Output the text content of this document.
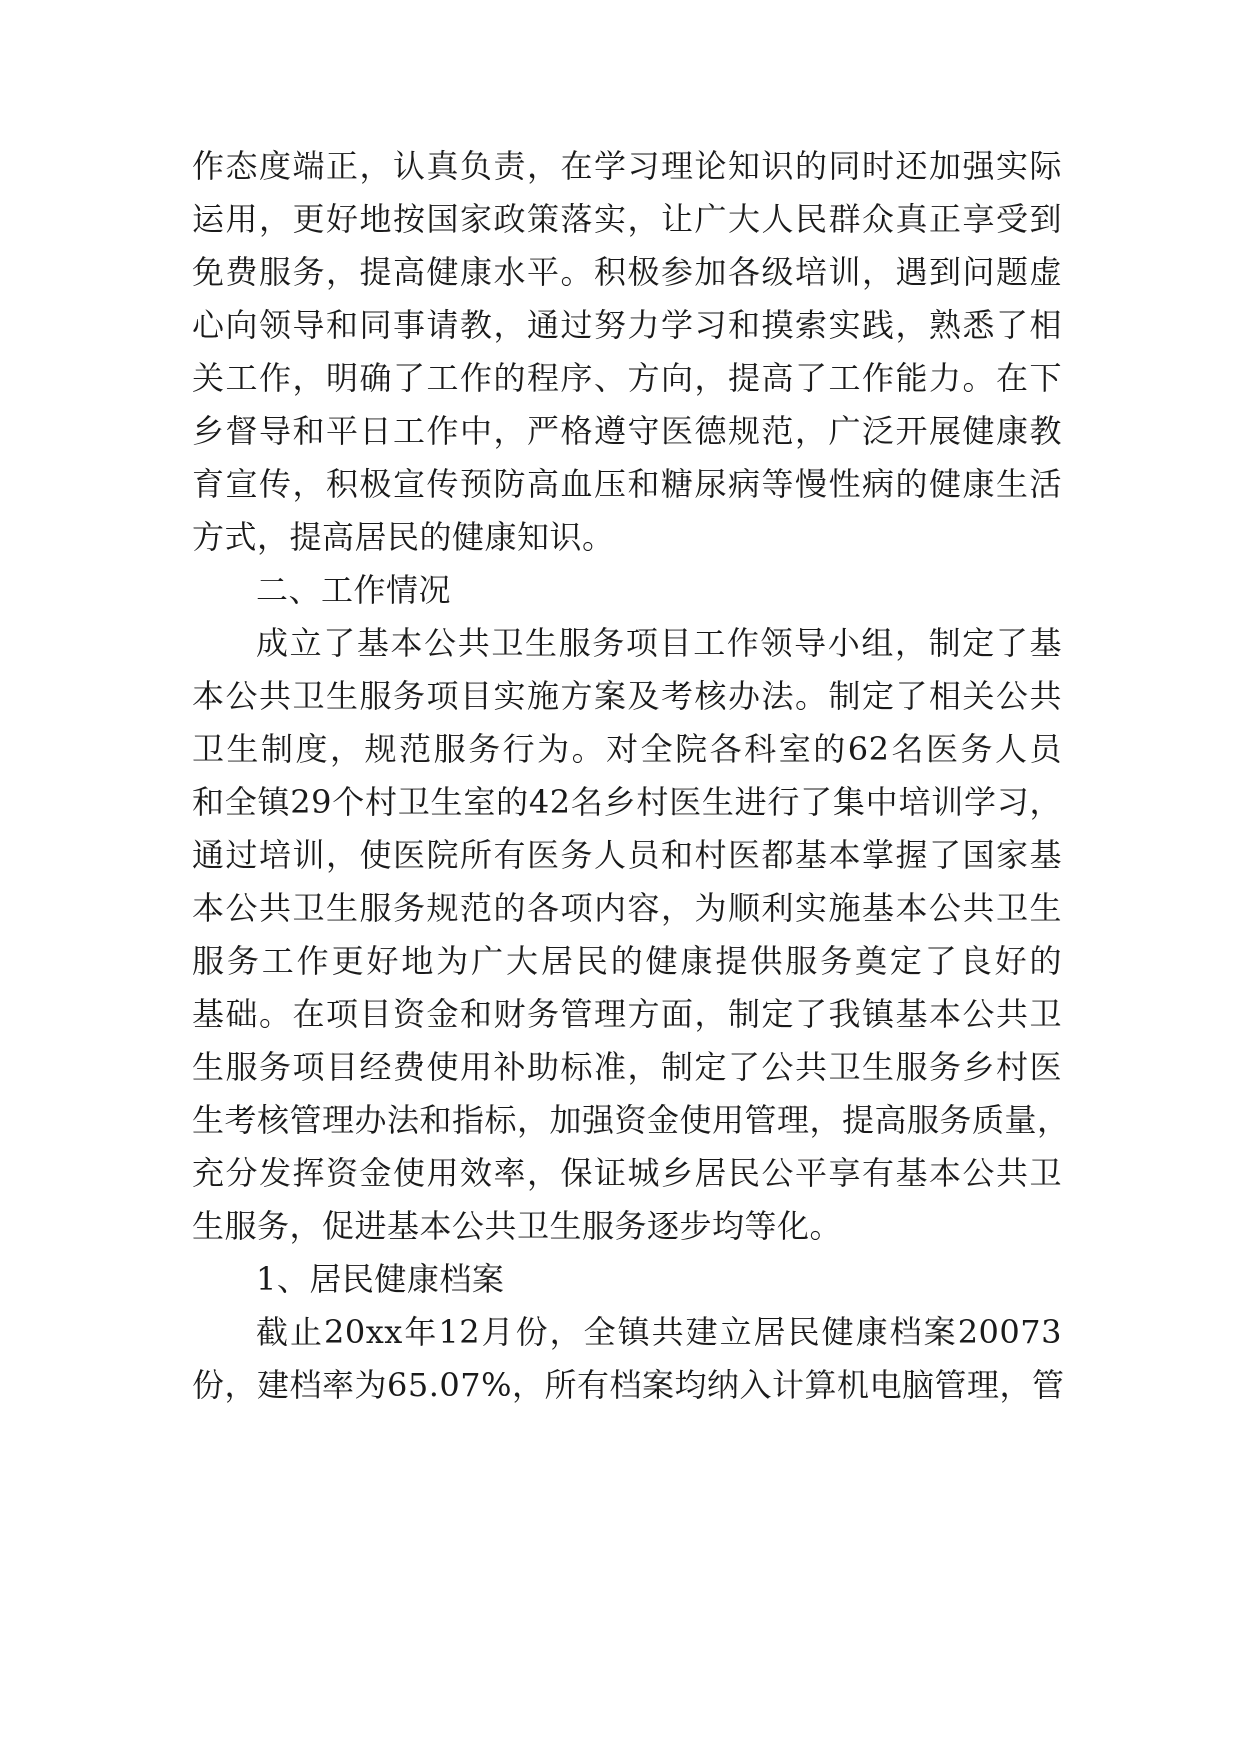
作态度端正，认真负责，在学习理论知识的同时还加强实际
运用，更好地按国家政策落实，让广大人民群众真正享受到
免费服务，提高健康水平。积极参加各级培训，遇到问题虚
心向领导和同事请教，通过努力学习和摸索实践，熟悉了相
关工作，明确了工作的程序、方向，提高了工作能力。在下
乡督导和平日工作中，严格遵守医德规范，广泛开展健康教
育宣传，积极宣传预防高血压和糖尿病等慢性病的健康生活
方式，提高居民的健康知识。
二、工作情况
成立了基本公共卫生服务项目工作领导小组，制定了基
本公共卫生服务项目实施方案及考核办法。制定了相关公共
卫生制度，规范服务行为。对全院各科室的62名医务人员
和全镇29个村卫生室的42名乡村医生进行了集中培训学习，
通过培训，使医院所有医务人员和村医都基本掌握了国家基
本公共卫生服务规范的各项内容，为顺利实施基本公共卫生
服务工作更好地为广大居民的健康提供服务奠定了良好的
基础。在项目资金和财务管理方面，制定了我镇基本公共卫
生服务项目经费使用补助标准，制定了公共卫生服务乡村医
生考核管理办法和指标，加强资金使用管理，提高服务质量，
充分发挥资金使用效率，保证城乡居民公平享有基本公共卫
生服务，促进基本公共卫生服务逐步均等化。
1、居民健康档案
截止20xx年12月份，全镇共建立居民健康档案20073
份，建档率为65.07%，所有档案均纳入计算机电脑管理，管
